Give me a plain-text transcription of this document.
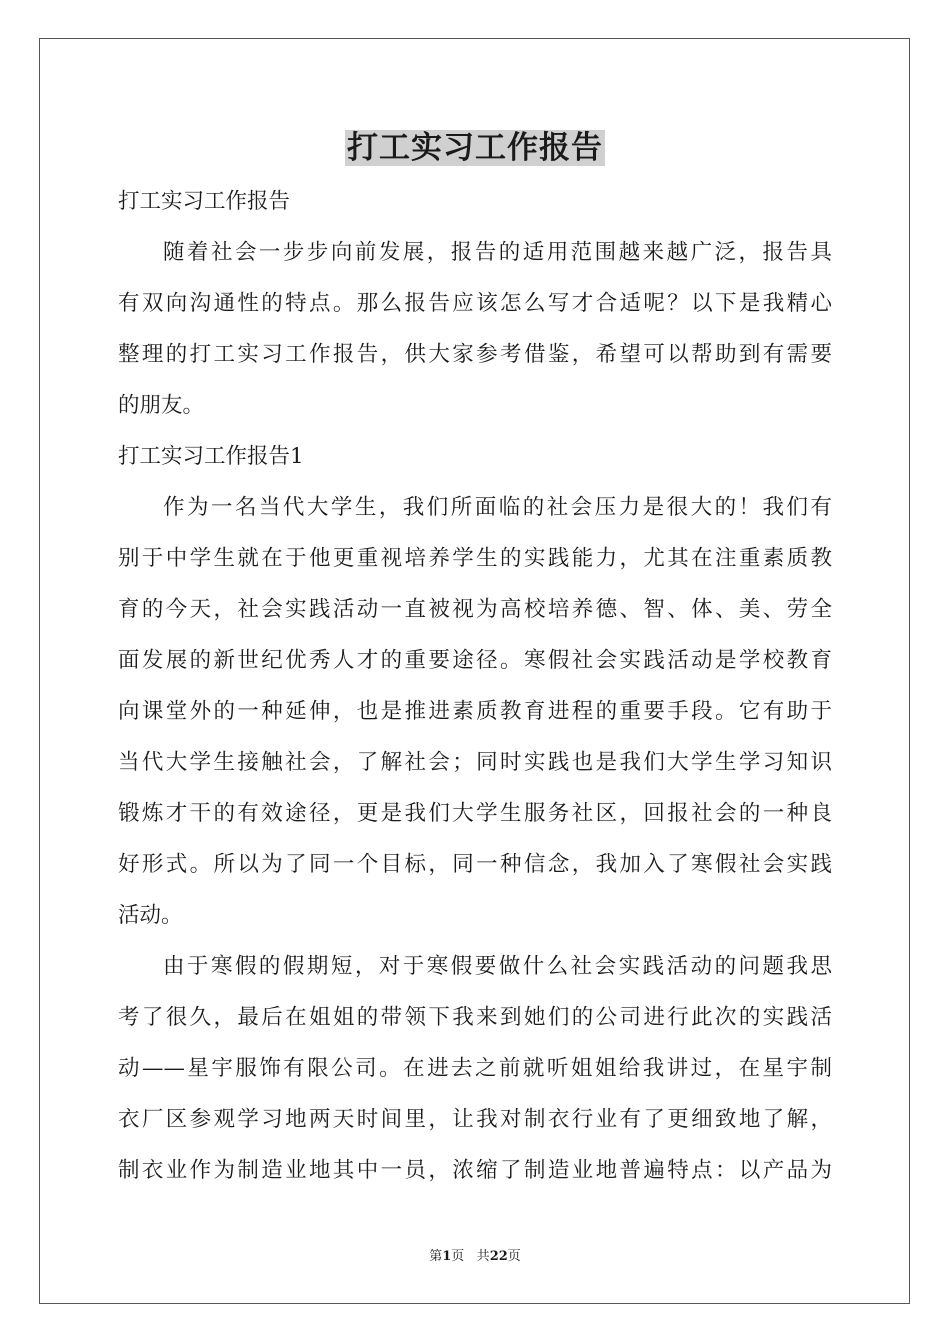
打工实习工作报告
打工实习工作报告
随着社会一步步向前发展，报告的适用范围越来越广泛，报告具
有双向沟通性的特点。那么报告应该怎么写才合适呢？以下是我精心
整理的打工实习工作报告，供大家参考借鉴，希望可以帮助到有需要
的朋友。
打工实习工作报告1
作为一名当代大学生，我们所面临的社会压力是很大的！我们有
别于中学生就在于他更重视培养学生的实践能力，尤其在注重素质教
育的今天，社会实践活动一直被视为高校培养德、智、体、美、劳全
面发展的新世纪优秀人才的重要途径。寒假社会实践活动是学校教育
向课堂外的一种延伸，也是推进素质教育进程的重要手段。它有助于
当代大学生接触社会，了解社会；同时实践也是我们大学生学习知识
锻炼才干的有效途径，更是我们大学生服务社区，回报社会的一种良
好形式。所以为了同一个目标，同一种信念，我加入了寒假社会实践
活动。
由于寒假的假期短，对于寒假要做什么社会实践活动的问题我思
考了很久，最后在姐姐的带领下我来到她们的公司进行此次的实践活
动——星宇服饰有限公司。在进去之前就听姐姐给我讲过，在星宇制
衣厂区参观学习地两天时间里，让我对制衣行业有了更细致地了解，
制衣业作为制造业地其中一员，浓缩了制造业地普遍特点：以产品为
第1页 共22页
